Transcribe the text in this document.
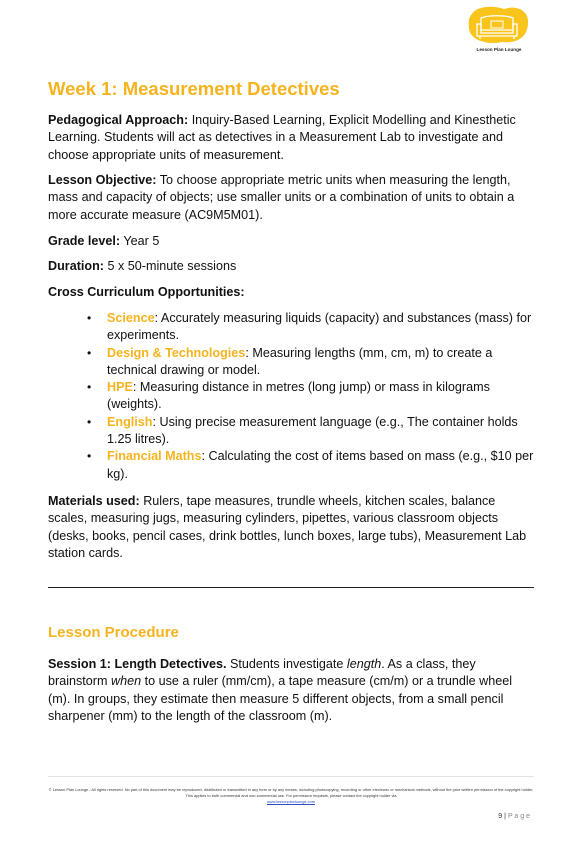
Lesson Plan Lounge
Week 1: Measurement Detectives

Pedagogical Approach: Inquiry-Based Learning, Explicit Modelling and Kinesthetic Learning. Students will act as detectives in a Measurement Lab to investigate and choose appropriate units of measurement.

Lesson Objective: To choose appropriate metric units when measuring the length, mass and capacity of objects; use smaller units or a combination of units to obtain a more accurate measure (AC9M5M01).

Grade level: Year 5

Duration: 5 x 50-minute sessions

Cross Curriculum Opportunities:

• Science: Accurately measuring liquids (capacity) and substances (mass) for experiments.
• Design & Technologies: Measuring lengths (mm, cm, m) to create a technical drawing or model.
• HPE: Measuring distance in metres (long jump) or mass in kilograms (weights).
• English: Using precise measurement language (e.g., The container holds 1.25 litres).
• Financial Maths: Calculating the cost of items based on mass (e.g., $10 per kg).

Materials used: Rulers, tape measures, trundle wheels, kitchen scales, balance scales, measuring jugs, measuring cylinders, pipettes, various classroom objects (desks, books, pencil cases, drink bottles, lunch boxes, large tubs), Measurement Lab station cards.

Lesson Procedure

Session 1: Length Detectives. Students investigate length. As a class, they brainstorm when to use a ruler (mm/cm), a tape measure (cm/m) or a trundle wheel (m). In groups, they estimate then measure 5 different objects, from a small pencil sharpener (mm) to the length of the classroom (m).

© Lesson Plan Lounge - All rights reserved. No part of this document may be reproduced, distributed or transmitted in any form or by any means, including photocopying, recording or other electronic or mechanical methods, without the prior written permission of the copyright holder. This applies to both commercial and non-commercial use. For permission requests, please contact the copyright holder via
www.lessonplanlounge.com
9 | P a g e
